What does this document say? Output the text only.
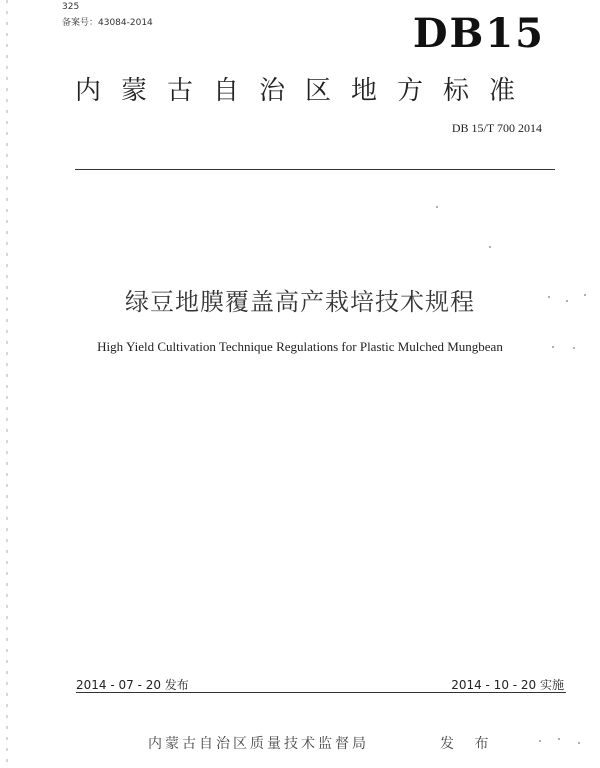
325
备案号：43084-2014	DB15
内蒙古自治区地方标准
DB 15/T 700 2014
绿豆地膜覆盖高产栽培技术规程
High Yield Cultivation Technique Regulations for Plastic Mulched Mungbean
2014 - 07 - 20 发布	2014 - 10 - 20 实施
内蒙古自治区质量技术监督局	发 布
